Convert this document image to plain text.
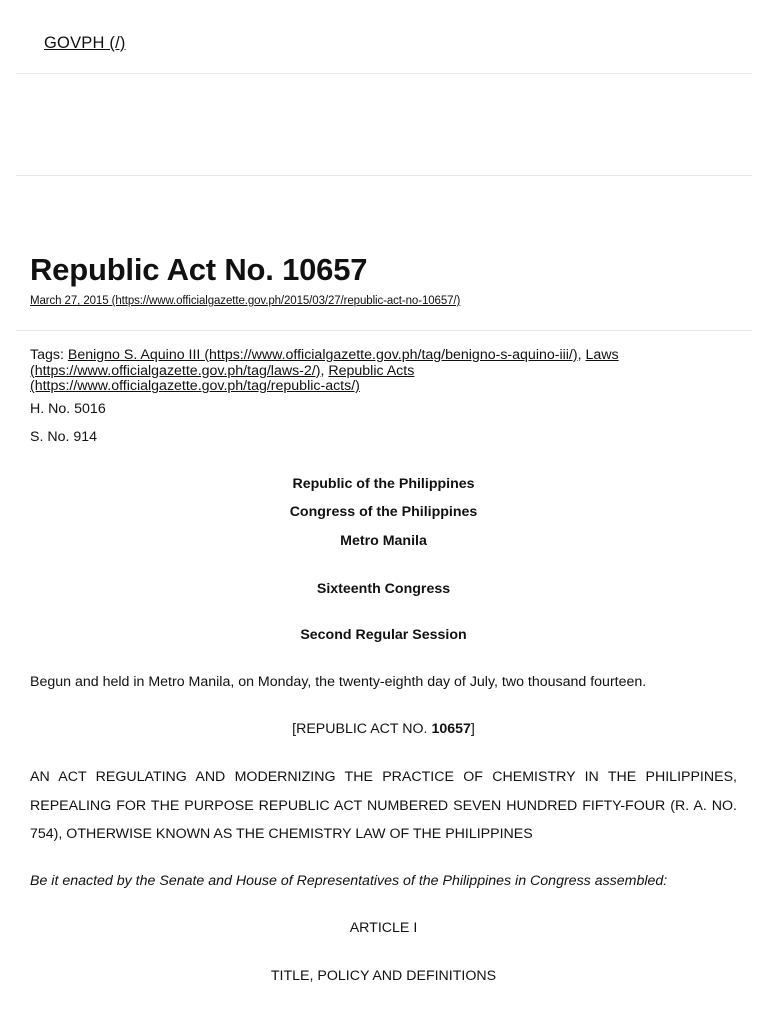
GOVPH (/)
Republic Act No. 10657
March 27, 2015 (https://www.officialgazette.gov.ph/2015/03/27/republic-act-no-10657/)
Tags: Benigno S. Aquino III (https://www.officialgazette.gov.ph/tag/benigno-s-aquino-iii/), Laws (https://www.officialgazette.gov.ph/tag/laws-2/), Republic Acts (https://www.officialgazette.gov.ph/tag/republic-acts/)
H. No. 5016
S. No. 914
Republic of the Philippines
Congress of the Philippines
Metro Manila
Sixteenth Congress
Second Regular Session
Begun and held in Metro Manila, on Monday, the twenty-eighth day of July, two thousand fourteen.
[REPUBLIC ACT NO. 10657]
AN ACT REGULATING AND MODERNIZING THE PRACTICE OF CHEMISTRY IN THE PHILIPPINES, REPEALING FOR THE PURPOSE REPUBLIC ACT NUMBERED SEVEN HUNDRED FIFTY-FOUR (R. A. NO. 754), OTHERWISE KNOWN AS THE CHEMISTRY LAW OF THE PHILIPPINES
Be it enacted by the Senate and House of Representatives of the Philippines in Congress assembled:
ARTICLE I
TITLE, POLICY AND DEFINITIONS
